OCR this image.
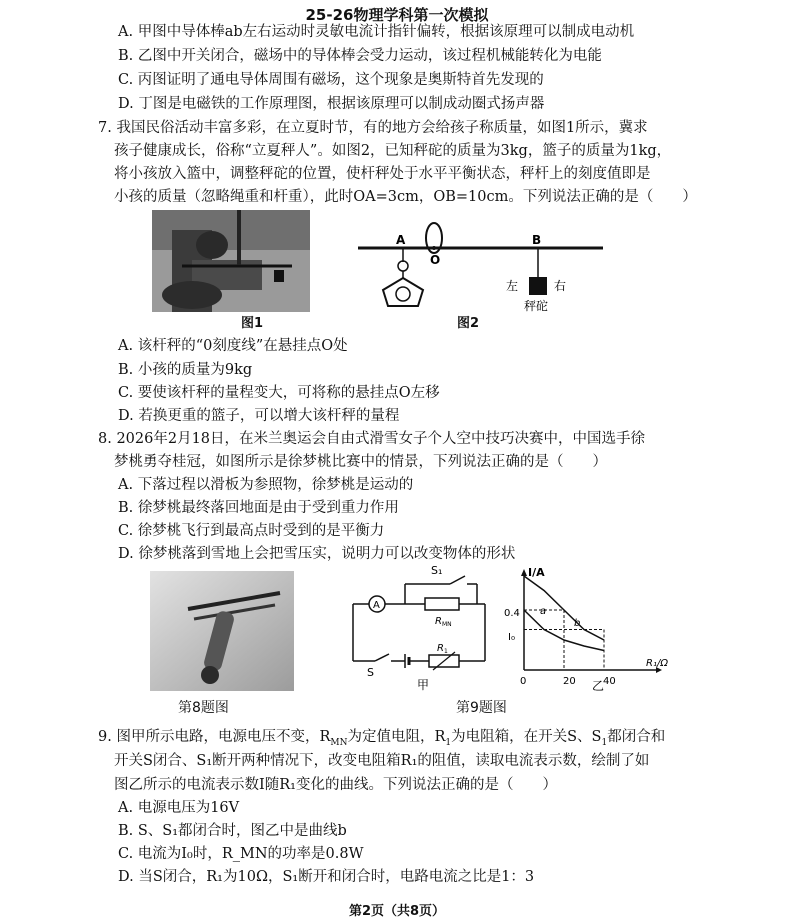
25-26物理学科第一次模拟
A. 甲图中导体棒ab左右运动时灵敏电流计指针偏转，根据该原理可以制成电动机
B. 乙图中开关闭合，磁场中的导体棒会受力运动，该过程机械能转化为电能
C. 丙图证明了通电导体周围有磁场，这个现象是奥斯特首先发现的
D. 丁图是电磁铁的工作原理图，根据该原理可以制成动圈式扬声器
7. 我国民俗活动丰富多彩，在立夏时节，有的地方会给孩子称质量，如图1所示，冀求
孩子健康成长，俗称“立夏秤人”。如图2，已知秤砣的质量为3kg，篮子的质量为1kg，
将小孩放入篮中，调整秤砣的位置，使杆秤处于水平平衡状态，秤杆上的刻度值即是
小孩的质量（忽略绳重和杆重），此时OA=3cm，OB=10cm。下列说法正确的是（　　）
图1
A
O
B
左	右
秤砣
图2
A. 该杆秤的“0刻度线”在悬挂点O处
B. 小孩的质量为9kg
C. 要使该杆秤的量程变大，可将称的悬挂点O左移
D. 若换更重的篮子，可以增大该杆秤的量程
8. 2026年2月18日，在米兰奥运会自由式滑雪女子个人空中技巧决赛中，中国选手徐
梦桃勇夺桂冠，如图所示是徐梦桃比赛中的情景，下列说法正确的是（　　）
A. 下落过程以滑板为参照物，徐梦桃是运动的
B. 徐梦桃最终落回地面是由于受到重力作用
C. 徐梦桃飞行到最高点时受到的是平衡力
D. 徐梦桃落到雪地上会把雪压实，说明力可以改变物体的形状
第8题图
A
S₁
R MN
R 1
S
甲
I/A
R₁/Ω
0
0.4
I₀
20	40
a
b
乙
第9题图
9. 图甲所示电路，电源电压不变，$R_{MN}$为定值电阻，$R_1$为电阻箱，在开关S、$S_1$都闭合和
开关S闭合、S₁断开两种情况下，改变电阻箱R₁的阻值，读取电流表示数，绘制了如
图乙所示的电流表示数I随R₁变化的曲线。下列说法正确的是（　　）
A. 电源电压为16V
B. S、S₁都闭合时，图乙中是曲线b
C. 电流为I₀时，R_MN的功率是0.8W
D. 当S闭合，R₁为10Ω，S₁断开和闭合时，电路电流之比是1：3
第2页（共8页）
